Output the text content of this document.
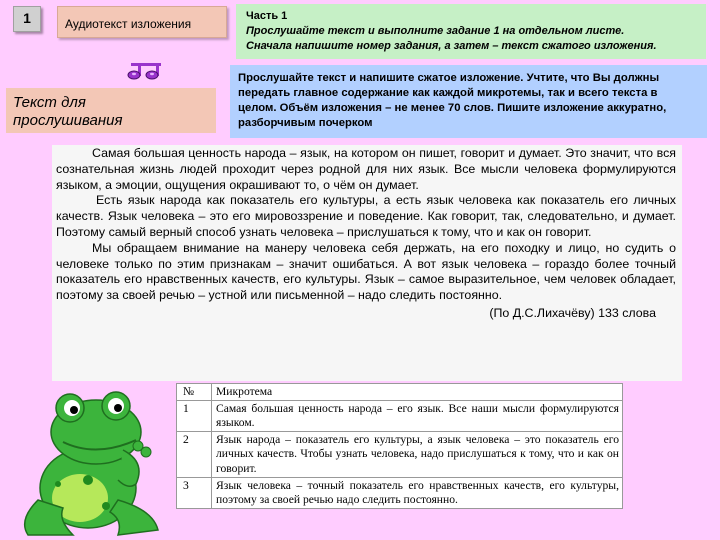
1	Аудиотекст изложения
Часть 1
Прослушайте текст и выполните задание 1 на отдельном листе.
Сначала напишите номер задания, а затем – текст сжатого изложения.
Текст для
прослушивания
Прослушайте текст и напишите сжатое изложение. Учтите, что Вы должны передать главное содержание как каждой микротемы, так и всего текста в целом. Объём изложения – не менее 70 слов. Пишите изложение аккуратно, разборчивым почерком

Самая большая ценность народа – язык, на котором он пишет, говорит и думает. Это значит, что вся сознательная жизнь людей проходит через родной для них язык. Все мысли человека формулируются языком, а эмоции, ощущения окрашивают то, о чём он думает.

Есть язык народа как показатель его культуры, а есть язык человека как показатель его личных качеств. Язык человека – это его мировоззрение и поведение. Как говорит, так, следовательно, и думает. Поэтому самый верный способ узнать человека – прислушаться к тому, что и как он говорит.

Мы обращаем внимание на манеру человека себя держать, на его походку и лицо, но судить о человеке только по этим признакам – значит ошибаться. А вот язык человека – гораздо более точный показатель его нравственных качеств, его культуры. Язык – самое выразительное, чем человек обладает, поэтому за своей речью – устной или письменной – надо следить постоянно.

(По Д.С.Лихачёву) 133 слова

№	Микротема
1	Самая большая ценность народа – его язык. Все наши мысли формулируются языком.
2	Язык народа – показатель его культуры, а язык человека – это показатель его личных качеств. Чтобы узнать человека, надо прислушаться к тому, что и как он говорит.
3	Язык человека – точный показатель его нравственных качеств, его культуры, поэтому за своей речью надо следить постоянно.
